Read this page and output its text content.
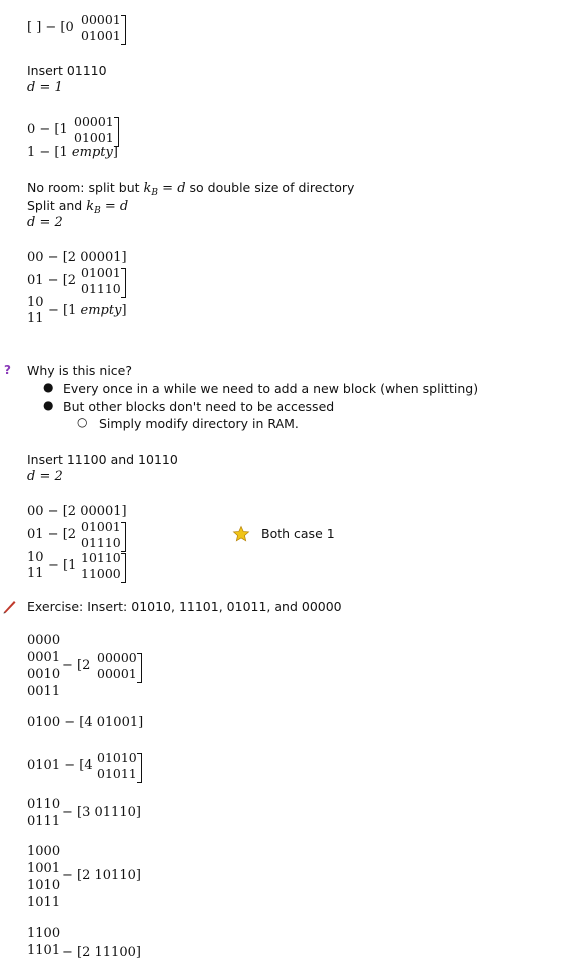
[ ] − [0
00001
01001
Insert 01110
d = 1
0 − [1
00001
01001
1 − [1 empty]
No room: split but $k_B = d$ so double size of directory
Split and $k_B = d$
d = 2
00 − [2 00001]
01 − [2
01001
01110
10
11
− [1 empty]
? Why is this nice?
● Every once in a while we need to add a new block (when splitting)
● But other blocks don't need to be accessed
○ Simply modify directory in RAM.
Insert 11100 and 10110
d = 2
00 − [2 00001]
01 − [2
01001
01110
10
11
− [1
10110
11000
Both case 1
Exercise: Insert: 01010, 11101, 01011, and 00000
0000
0001
0010
0011
− [2
00000
00001
0100 − [4 01001]
0101 − [4
01010
01011
0110
0111
− [3 01110]
1000
1001
1010
1011
− [2 10110]
1100
1101 − [2 11100]
